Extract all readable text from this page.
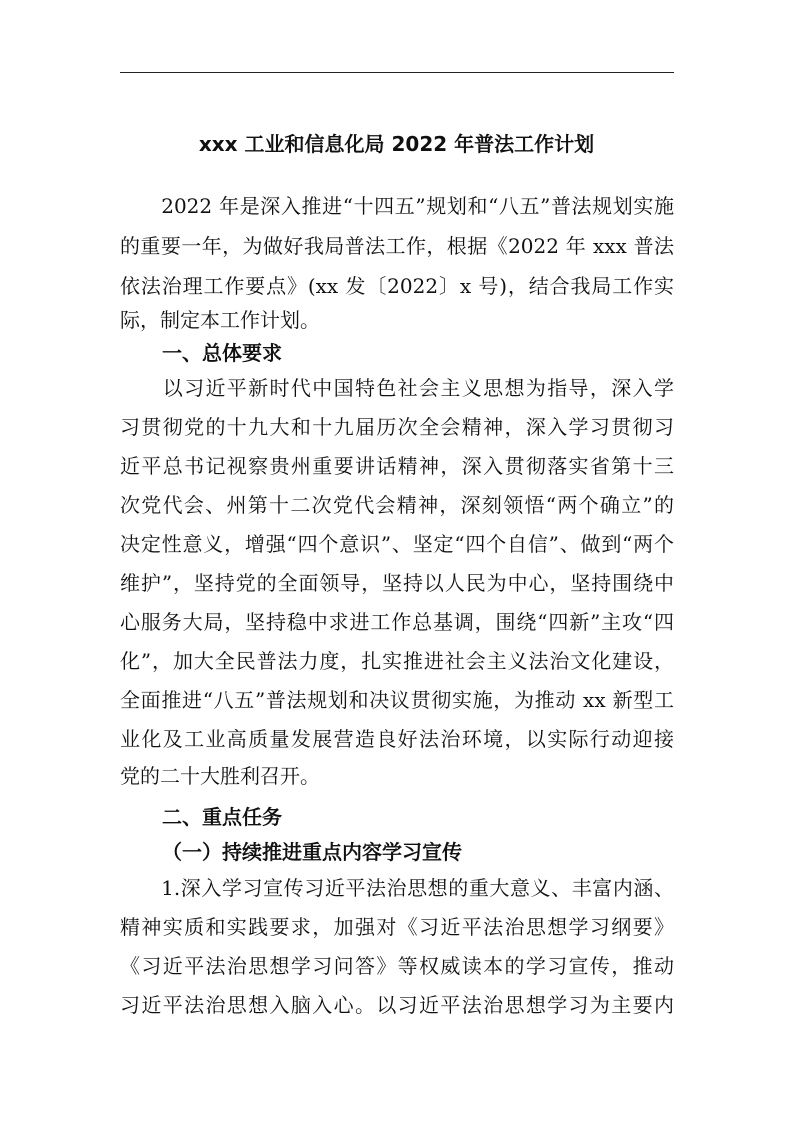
xxx 工业和信息化局 2022 年普法工作计划
　　2022 年是深入推进“十四五”规划和“八五”普法规划实施
的重要一年，为做好我局普法工作，根据《2022 年 xxx 普法
依法治理工作要点》(xx 发〔2022〕x 号)，结合我局工作实
际，制定本工作计划。
一、总体要求
　　以习近平新时代中国特色社会主义思想为指导，深入学
习贯彻党的十九大和十九届历次全会精神，深入学习贯彻习
近平总书记视察贵州重要讲话精神，深入贯彻落实省第十三
次党代会、州第十二次党代会精神，深刻领悟“两个确立”的
决定性意义，增强“四个意识”、坚定“四个自信”、做到“两个
维护”，坚持党的全面领导，坚持以人民为中心，坚持围绕中
心服务大局，坚持稳中求进工作总基调，围绕“四新”主攻“四
化”，加大全民普法力度，扎实推进社会主义法治文化建设，
全面推进“八五”普法规划和决议贯彻实施，为推动 xx 新型工
业化及工业高质量发展营造良好法治环境，以实际行动迎接
党的二十大胜利召开。
二、重点任务
（一）持续推进重点内容学习宣传
　　1.深入学习宣传习近平法治思想的重大意义、丰富内涵、
精神实质和实践要求，加强对《习近平法治思想学习纲要》
《习近平法治思想学习问答》等权威读本的学习宣传，推动
习近平法治思想入脑入心。以习近平法治思想学习为主要内
